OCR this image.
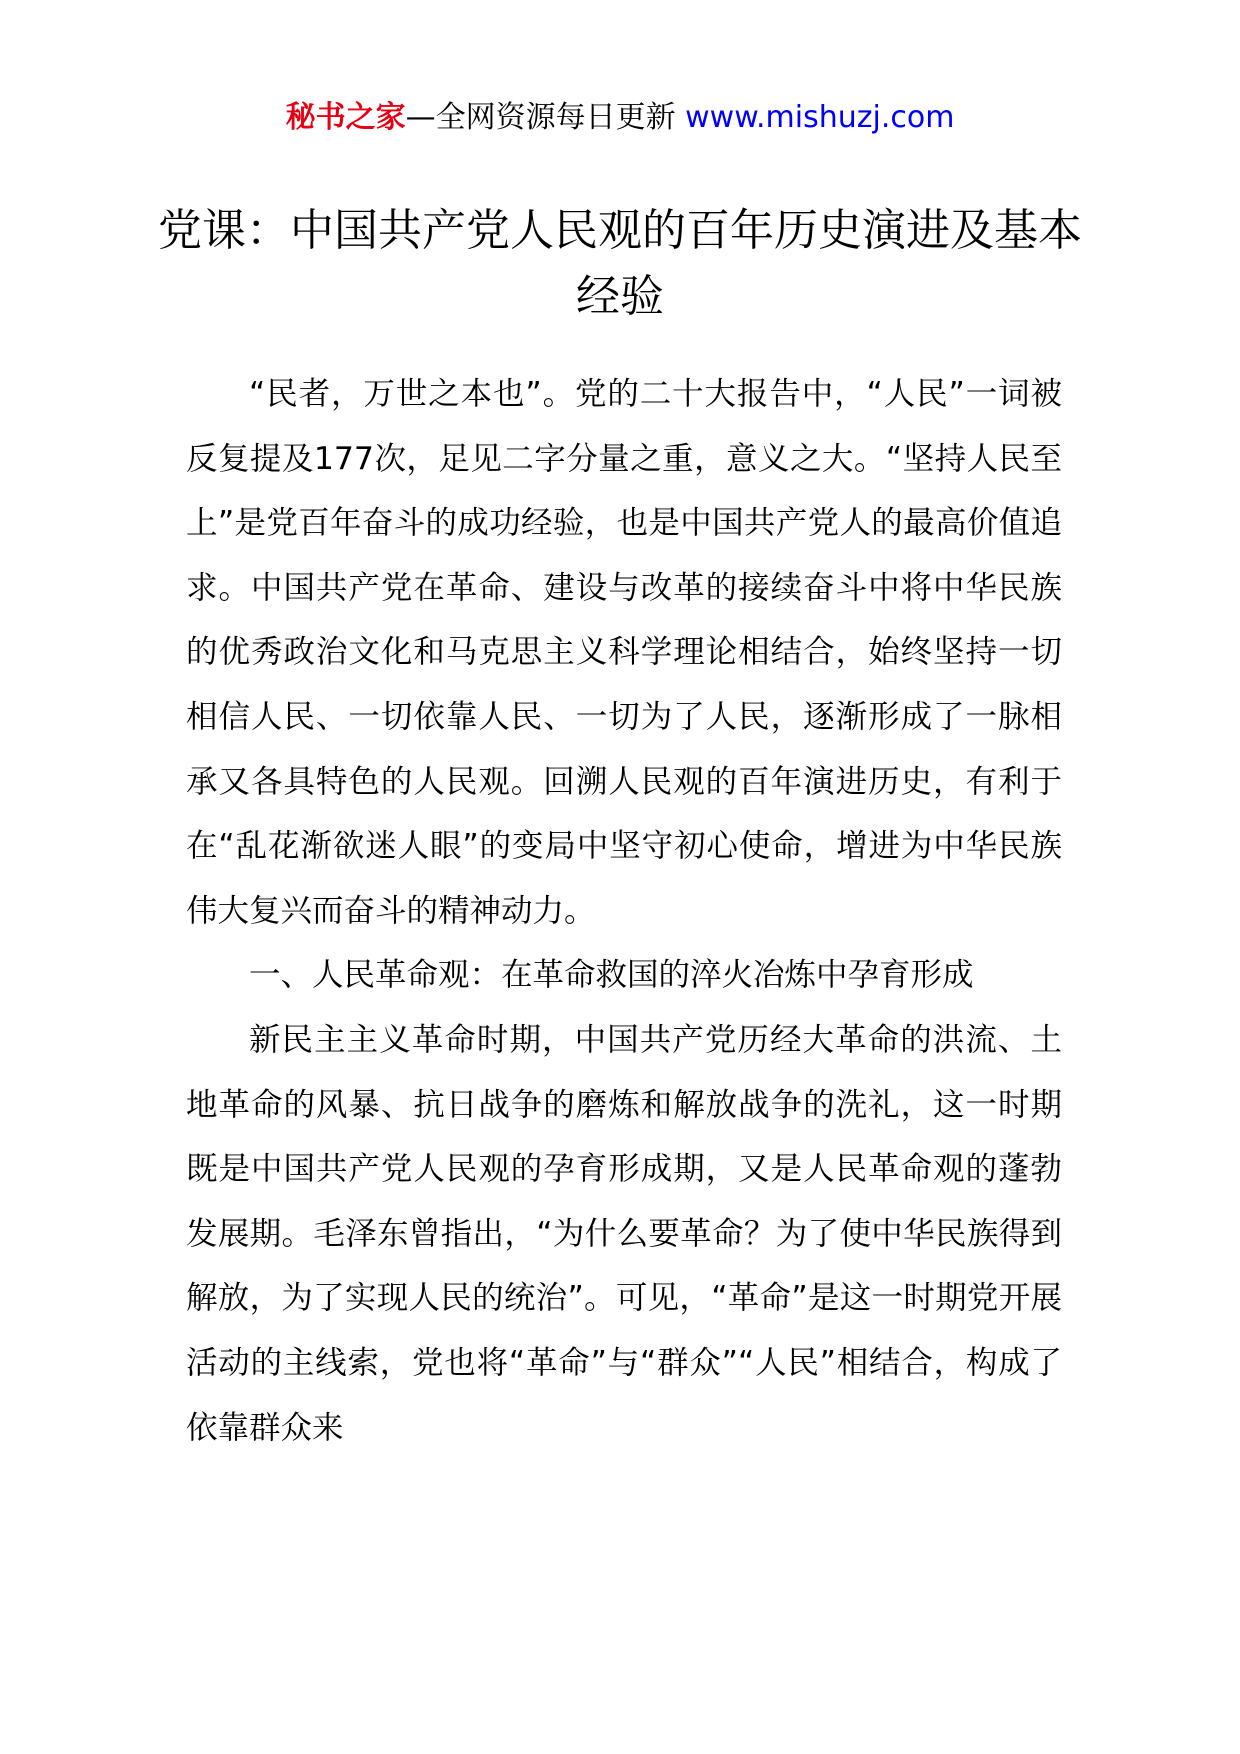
秘书之家—全网资源每日更新 www.mishuzj.com
党课：中国共产党人民观的百年历史演进及基本经验

“民者，万世之本也”。党的二十大报告中，“人民”一词被反复提及177次，足见二字分量之重，意义之大。“坚持人民至上”是党百年奋斗的成功经验，也是中国共产党人的最高价值追求。中国共产党在革命、建设与改革的接续奋斗中将中华民族的优秀政治文化和马克思主义科学理论相结合，始终坚持一切相信人民、一切依靠人民、一切为了人民，逐渐形成了一脉相承又各具特色的人民观。回溯人民观的百年演进历史，有利于在“乱花渐欲迷人眼”的变局中坚守初心使命，增进为中华民族伟大复兴而奋斗的精神动力。

一、人民革命观：在革命救国的淬火冶炼中孕育形成

新民主主义革命时期，中国共产党历经大革命的洪流、土地革命的风暴、抗日战争的磨炼和解放战争的洗礼，这一时期既是中国共产党人民观的孕育形成期，又是人民革命观的蓬勃发展期。毛泽东曾指出，“为什么要革命？为了使中华民族得到解放，为了实现人民的统治”。可见，“革命”是这一时期党开展活动的主线索，党也将“革命”与“群众”“人民”相结合，构成了依靠群众来
